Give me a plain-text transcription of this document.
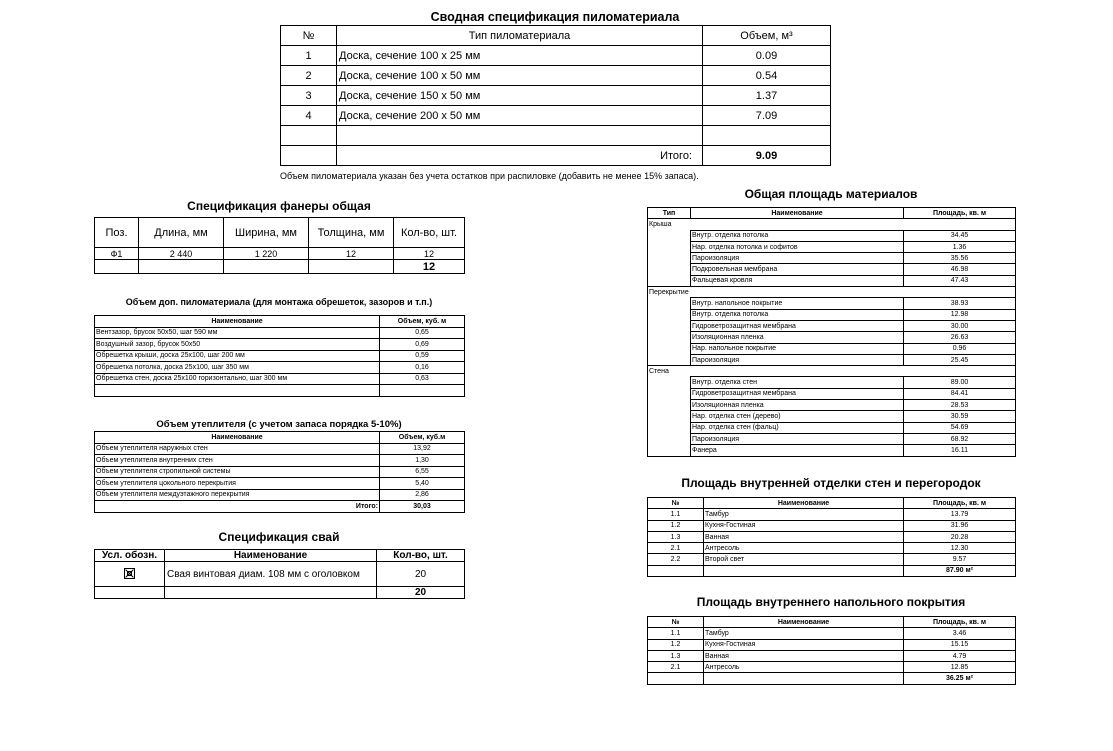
Сводная спецификация пиломатериала
№	Тип пиломатериала	Объем, м³
1	Доска, сечение 100 х 25 мм	0.09
2	Доска, сечение 100 х 50 мм	0.54
3	Доска, сечение 150 х 50 мм	1.37
4	Доска, сечение 200 х 50 мм	7.09

	Итого:	9.09
Объем пиломатериала указан без учета остатков при распиловке (добавить не менее 15% запаса).
Спецификация фанеры общая
Поз.	Длина, мм	Ширина, мм	Толщина, мм	Кол-во, шт.
Ф1	2 440	1 220	12	12
				12
Объем доп. пиломатериала (для монтажа обрешеток, зазоров и т.п.)
Наименование	Объем, куб. м
Вентзазор, брусок 50х50, шаг 590 мм	0,65
Воздушный зазор, брусок 50х50	0,69
Обрешетка крыши, доска 25х100, шаг 200 мм	0,59
Обрешетка потолка, доска 25х100, шаг 350 мм	0,16
Обрешетка стен, доска 25х100 горизонтально, шаг 300 мм	0,63

Объем утеплителя (с учетом запаса порядка 5-10%)
Наименование	Объем, куб.м
Объем утеплителя наружных стен	13,92
Объем утеплителя внутренних стен	1,30
Объем утеплителя стропильной системы	6,55
Объем утеплителя цокольного перекрытия	5,40
Объем утеплителя междуэтажного перекрытия	2,86
Итого:	30,03
Спецификация свай
Усл. обозн.	Наименование	Кол-во, шт.

	Свая винтовая диам. 108 мм с оголовком	20
		20
Общая площадь материалов
Тип	Наименование	Площадь, кв. м
Крыша		
	Внутр. отделка потолка	34.45
	Нар. отделка потолка и софитов	1.36
	Пароизоляция	35.56
	Подкровельная мембрана	46.98
	Фальцевая кровля	47.43
Перекрытие		
	Внутр. напольное покрытие	38.93
	Внутр. отделка потолка	12.98
	Гидроветрозащитная мембрана	30.00
	Изоляционная пленка	26.63
	Нар. напольное покрытие	0.96
	Пароизоляция	25.45
Стена		
	Внутр. отделка стен	89.00
	Гидроветрозащитная мембрана	84.41
	Изоляционная пленка	28.53
	Нар. отделка стен (дерево)	30.59
	Нар. отделка стен (фальц)	54.69
	Пароизоляция	68.92
	Фанера	16.11
Площадь внутренней отделки стен и перегородок
№	Наименование	Площадь, кв. м
1.1	Тамбур	13.79
1.2	Кухня-Гостиная	31.96
1.3	Ванная	20.28
2.1	Антресоль	12.30
2.2	Второй свет	9.57
		87.90 м²
Площадь внутреннего напольного покрытия
№	Наименование	Площадь, кв. м
1.1	Тамбур	3.46
1.2	Кухня-Гостиная	15.15
1.3	Ванная	4.79
2.1	Антресоль	12.85
		36.25 м²
